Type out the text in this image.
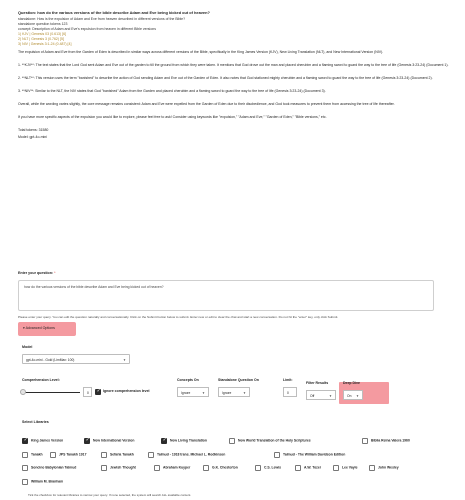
Question: how do the various versions of the bible describe Adam and Eve being kicked out of heaven?
standalone: How is the expulsion of Adam and Eve from heaven described in different versions of the Bible?
standalone question tokens 123
concept: Description of Adam and Eve's expulsion from heaven in different Bible versions
1) KJV | Genesis 03 (0.613) [6]
2) NLT | Genesis 3 (0.762) [5]
3) NIV | Genesis 3:1-24 (0.487) [4]
The expulsion of Adam and Eve from the Garden of Eden is described in similar ways across different versions of the Bible, specifically in the King James Version (KJV), New Living Translation (NLT), and New International Version (NIV).
1. **KJV**: The text states that the Lord God sent Adam and Eve out of the garden to till the ground from which they were taken. It mentions that God drove out the man and placed cherubim and a flaming sword to guard the way to the tree of life (Genesis 3:23-24) (Document 1).
2. **NLT**: This version uses the term "banished" to describe the action of God sending Adam and Eve out of the Garden of Eden. It also notes that God stationed mighty cherubim and a flaming sword to guard the way to the tree of life (Genesis 3:23-24) (Document 2).
3. **NIV**: Similar to the NLT, the NIV states that God "banished" Adam from the Garden and placed cherubim and a flaming sword to guard the way to the tree of life (Genesis 3:23-24) (Document 3).
Overall, while the wording varies slightly, the core message remains consistent: Adam and Eve were expelled from the Garden of Eden due to their disobedience, and God took measures to prevent them from accessing the tree of life thereafter.
If you have more specific aspects of the expulsion you would like to explore, please feel free to ask! Consider using keywords like "expulsion," "Adam and Eve," "Garden of Eden," "Bible versions," etc.
Total tokens: 31580
Model: gpt-4o-mini
Enter your question: *
how do the various versions of the bible describe Adam and Eve being kicked out of heaven?
Please enter your query. You can edit the question naturally and conversationally. Click on the Submit button below to submit. Enter new or edit to clear the chat and start a new conversation. Do not hit the "enter" key, only click Submit.
▾ Advanced Options
Model
gpt-4o-mini - Gold (LimMax: 100)	▼
Comprehension Level:
0 ✓	Ignore comprehension level
Concepts On
Ignore	▼
Standalone Question On
Ignore	▼
Limit:
0
Filter Results
Off	▼
Deep Dive
On ▼
Select Libraries
✓King James Version ✓	New International Version ✓	New Living Translation	New World Translation of the Holy Scriptures	Biblia Reina Valera 1960
Tanakh	JPS Tanakh 1917	Sefaria Tanakh	Talmud - 1918 trans. Michael L. Rodkinson	Talmud - The William Davidson Edition
Soncino Babylonian Talmud	Jewish Thought	Abraham Kuyper	G.K. Chesterton	C.S. Lewis	A.W. Tozer	Lee Vayle	John Wesley
William M. Branham
Tick the checkbox for relevant libraries to narrow your query. If none selected, the system will search ALL available content.
